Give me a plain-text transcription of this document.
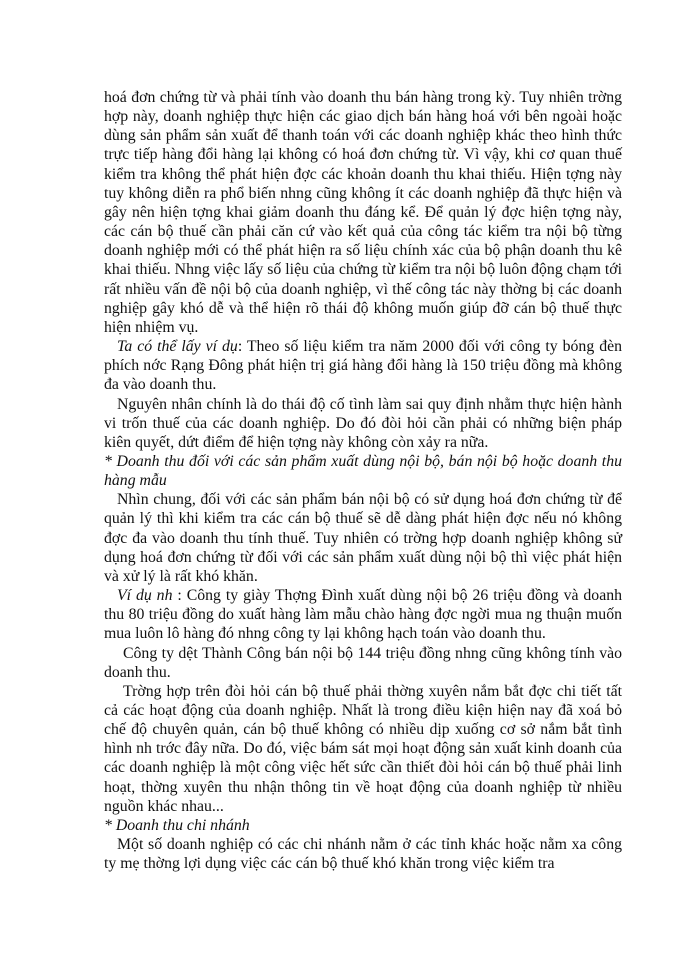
hoá đơn chứng từ và phải tính vào doanh thu bán hàng trong kỳ. Tuy nhiên trờng hợp này, doanh nghiệp thực hiện các giao dịch bán hàng hoá với bên ngoài hoặc dùng sản phẩm sản xuất để thanh toán với các doanh nghiệp khác theo hình thức trực tiếp hàng đổi hàng lại không có hoá đơn chứng từ. Vì vậy, khi cơ quan thuế kiểm tra không thể phát hiện đợc các khoản doanh thu khai thiếu. Hiện tợng này tuy không diễn ra phổ biến nhng cũng không ít các doanh nghiệp đã thực hiện và gây nên hiện tợng khai giảm doanh thu đáng kể. Để quản lý đợc hiện tợng này, các cán bộ thuế cần phải căn cứ vào kết quả của công tác kiểm tra nội bộ từng doanh nghiệp mới có thể phát hiện ra số liệu chính xác của bộ phận doanh thu kê khai thiếu. Nhng việc lấy số liệu của chứng từ kiểm tra nội bộ luôn động chạm tới rất nhiều vấn đề nội bộ của doanh nghiệp, vì thế công tác này thờng bị các doanh nghiệp gây khó dễ và thể hiện rõ thái độ không muốn giúp đỡ cán bộ thuế thực hiện nhiệm vụ.

Ta có thể lấy ví dụ: Theo số liệu kiểm tra năm 2000 đối với công ty bóng đèn phích nớc Rạng Đông phát hiện trị giá hàng đổi hàng là 150 triệu đồng mà không đa vào doanh thu.

Nguyên nhân chính là do thái độ cố tình làm sai quy định nhằm thực hiện hành vi trốn thuế của các doanh nghiệp. Do đó đòi hỏi cần phải có những biện pháp kiên quyết, dứt điểm để hiện tợng này không còn xảy ra nữa.

* Doanh thu đối với các sản phẩm xuất dùng nội bộ, bán nội bộ hoặc doanh thu hàng mẫu

Nhìn chung, đối với các sản phẩm bán nội bộ có sử dụng hoá đơn chứng từ để quản lý thì khi kiểm tra các cán bộ thuế sẽ dễ dàng phát hiện đợc nếu nó không đợc đa vào doanh thu tính thuế. Tuy nhiên có trờng hợp doanh nghiệp không sử dụng hoá đơn chứng từ đối với các sản phẩm xuất dùng nội bộ thì việc phát hiện và xử lý là rất khó khăn.

Ví dụ nh : Công ty giày Thợng Đình xuất dùng nội bộ 26 triệu đồng và doanh thu 80 triệu đồng do xuất hàng làm mẫu chào hàng đợc ngời mua ng thuận muốn mua luôn lô hàng đó nhng công ty lại không hạch toán vào doanh thu.

Công ty dệt Thành Công bán nội bộ 144 triệu đồng nhng cũng không tính vào doanh thu.

Trờng hợp trên đòi hỏi cán bộ thuế phải thờng xuyên nắm bắt đợc chi tiết tất cả các hoạt động của doanh nghiệp. Nhất là trong điều kiện hiện nay đã xoá bỏ chế độ chuyên quản, cán bộ thuế không có nhiều dịp xuống cơ sở nắm bắt tình hình nh trớc đây nữa. Do đó, việc bám sát mọi hoạt động sản xuất kinh doanh của các doanh nghiệp là một công việc hết sức cần thiết đòi hỏi cán bộ thuế phải linh hoạt, thờng xuyên thu nhận thông tin về hoạt động của doanh nghiệp từ nhiều nguồn khác nhau...

* Doanh thu chi nhánh

Một số doanh nghiệp có các chi nhánh nằm ở các tỉnh khác hoặc nằm xa công ty mẹ thờng lợi dụng việc các cán bộ thuế khó khăn trong việc kiểm tra
